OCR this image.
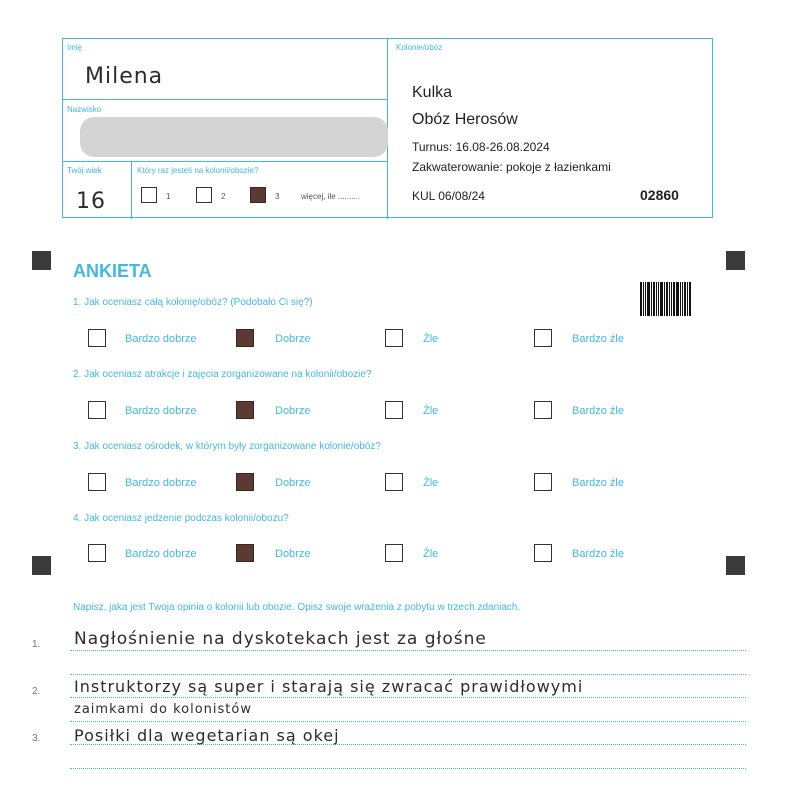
Imię
Milena
Nazwisko
Twój wiek
16
Który raz jesteś na kolonii/obozie?
1	2	3	więcej, ile ..........
Kolonie/obóz
Kulka
Obóz Herosów
Turnus: 16.08-26.08.2024
Zakwaterowanie: pokoje z łazienkami
KUL 06/08/24	02860
ANKIETA
1. Jak oceniasz całą kolonię/obóz? (Podobało Ci się?)
Bardzo dobrze	Dobrze	Źle	Bardzo źle
2. Jak oceniasz atrakcje i zajęcia zorganizowane na kolonii/obozie?
Bardzo dobrze	Dobrze	Źle	Bardzo źle
3. Jak oceniasz ośrodek, w którym były zorganizowane kolonie/obóz?
Bardzo dobrze	Dobrze	Źle	Bardzo źle
4. Jak oceniasz jedzenie podczas kolonii/obozu?
Bardzo dobrze	Dobrze	Źle	Bardzo źle
Napisz, jaka jest Twoja opinia o kolonii lub obozie. Opisz swoje wrażenia z pobytu w trzech zdaniach.
1.
2.
3.
Nagłośnienie na dyskotekach jest za głośne
Instruktorzy są super i starają się zwracać prawidłowymi
zaimkami do kolonistów
Posiłki dla wegetarian są okej
